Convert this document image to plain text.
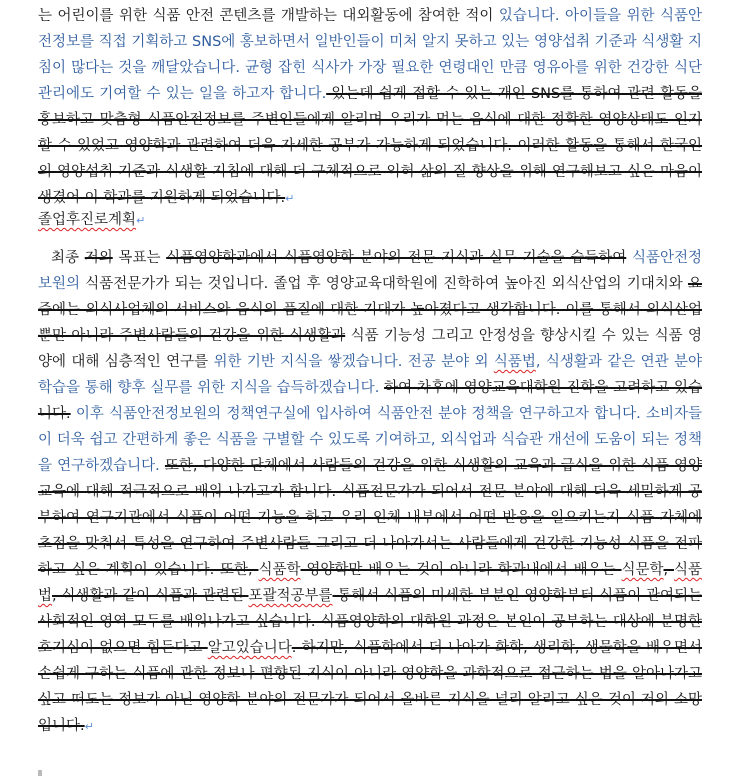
는 어린이를 위한 식품 안전 콘텐츠를 개발하는 대외활동에 참여한 적이 있습니다. 아이들을 위한 식품안전정보를 직접 기획하고 SNS에 홍보하면서 일반인들이 미처 알지 못하고 있는 영양섭취 기준과 식생활 지침이 많다는 것을 깨달았습니다. 균형 잡힌 식사가 가장 필요한 연령대인 만큼 영유아를 위한 건강한 식단 관리에도 기여할 수 있는 일을 하고자 합니다. 있는데 쉽게 접할 수 있는 개인 SNS를 통하여 관련 활동을 홍보하고 맞춤형 식품안전정보를 주변인들에게 알리며 우리가 먹는 음식에 대한 정확한 영양상태도 인지할 수 있었고 영양학과 관련하여 더욱 자세한 공부가 가능하게 되었습니다. 이러한 활동을 통해서 한국인의 영양섭취 기준과 식생활 지침에 대해 더 구체적으로 익혀 삶의 질 향상을 위해 연구해보고 싶은 마음이 생겼어 이 학과를 지원하게 되었습니다.↵

졸업후진로계획↵

최종 저의 목표는 식품영양학과에서 식품영양학 분야의 전문 지식과 실무 기술을 습득하여 식품안전정보원의 식품전문가가 되는 것입니다. 졸업 후 영양교육대학원에 진학하여 높아진 외식산업의 기대치와 요즘에는 외식사업체의 서비스와 음식의 품질에 대한 기대가 높아졌다고 생각합니다. 이를 통해서 외식산업 뿐만 아니라 주변사람들의 건강을 위한 식생활과 식품 기능성 그리고 안정성을 향상시킬 수 있는 식품 영양에 대해 심층적인 연구를 위한 기반 지식을 쌓겠습니다. 전공 분야 외 식품법, 식생활과 같은 연관 분야 학습을 통해 향후 실무를 위한 지식을 습득하겠습니다. 하여 차후에 영양교육대학원 진학을 고려하고 있습니다. 이후 식품안전정보원의 정책연구실에 입사하여 식품안전 분야 정책을 연구하고자 합니다. 소비자들이 더욱 쉽고 간편하게 좋은 식품을 구별할 수 있도록 기여하고, 외식업과 식습관 개선에 도움이 되는 정책을 연구하겠습니다. 또한, 다양한 단체에서 사람들의 건강을 위한 식생활의 교육과 급식을 위한 식품 영양 교육에 대해 적극적으로 배워 나가고자 합니다. 식품전문가가 되어서 전문 분야에 대해 더욱 세밀하게 공부하여 연구기관에서 식품이 어떤 기능을 하고 우리 인체 내부에서 어떤 반응을 일으키는지 식품 자체에 초점을 맞춰서 특성을 연구하여 주변사람들 그리고 더 나아가서는 사람들에게 건강한 기능성 식품을 전파하고 싶은 계획이 있습니다. 또한, 식품학 영양학만 배우는 것이 아니라 학과내에서 배우는 식문학, 식품법, 식생활과 같이 식품과 관련된 포괄적공부를 통해서 식품의 미세한 부분인 영양학부터 식품이 관여되는 사회적인 영역 모두를 배워나가고 싶습니다. 식품영양학의 대학원 과정은 본인이 공부하는 대상에 분명한 호기심이 없으면 힘든다고 알고있습니다. 하지만, 식품학에서 더 나아가 화학, 생리학, 생물학을 배우면서 손쉽게 구하는 식품에 관한 정보나 편향된 지식이 아니라 영양학을 과학적으로 접근하는 법을 알아나가고 싶고 떠도는 정보가 아닌 영양학 분야의 전문가가 되어서 올바른 지식을 널리 알리고 싶은 것이 저의 소망입니다.↵
